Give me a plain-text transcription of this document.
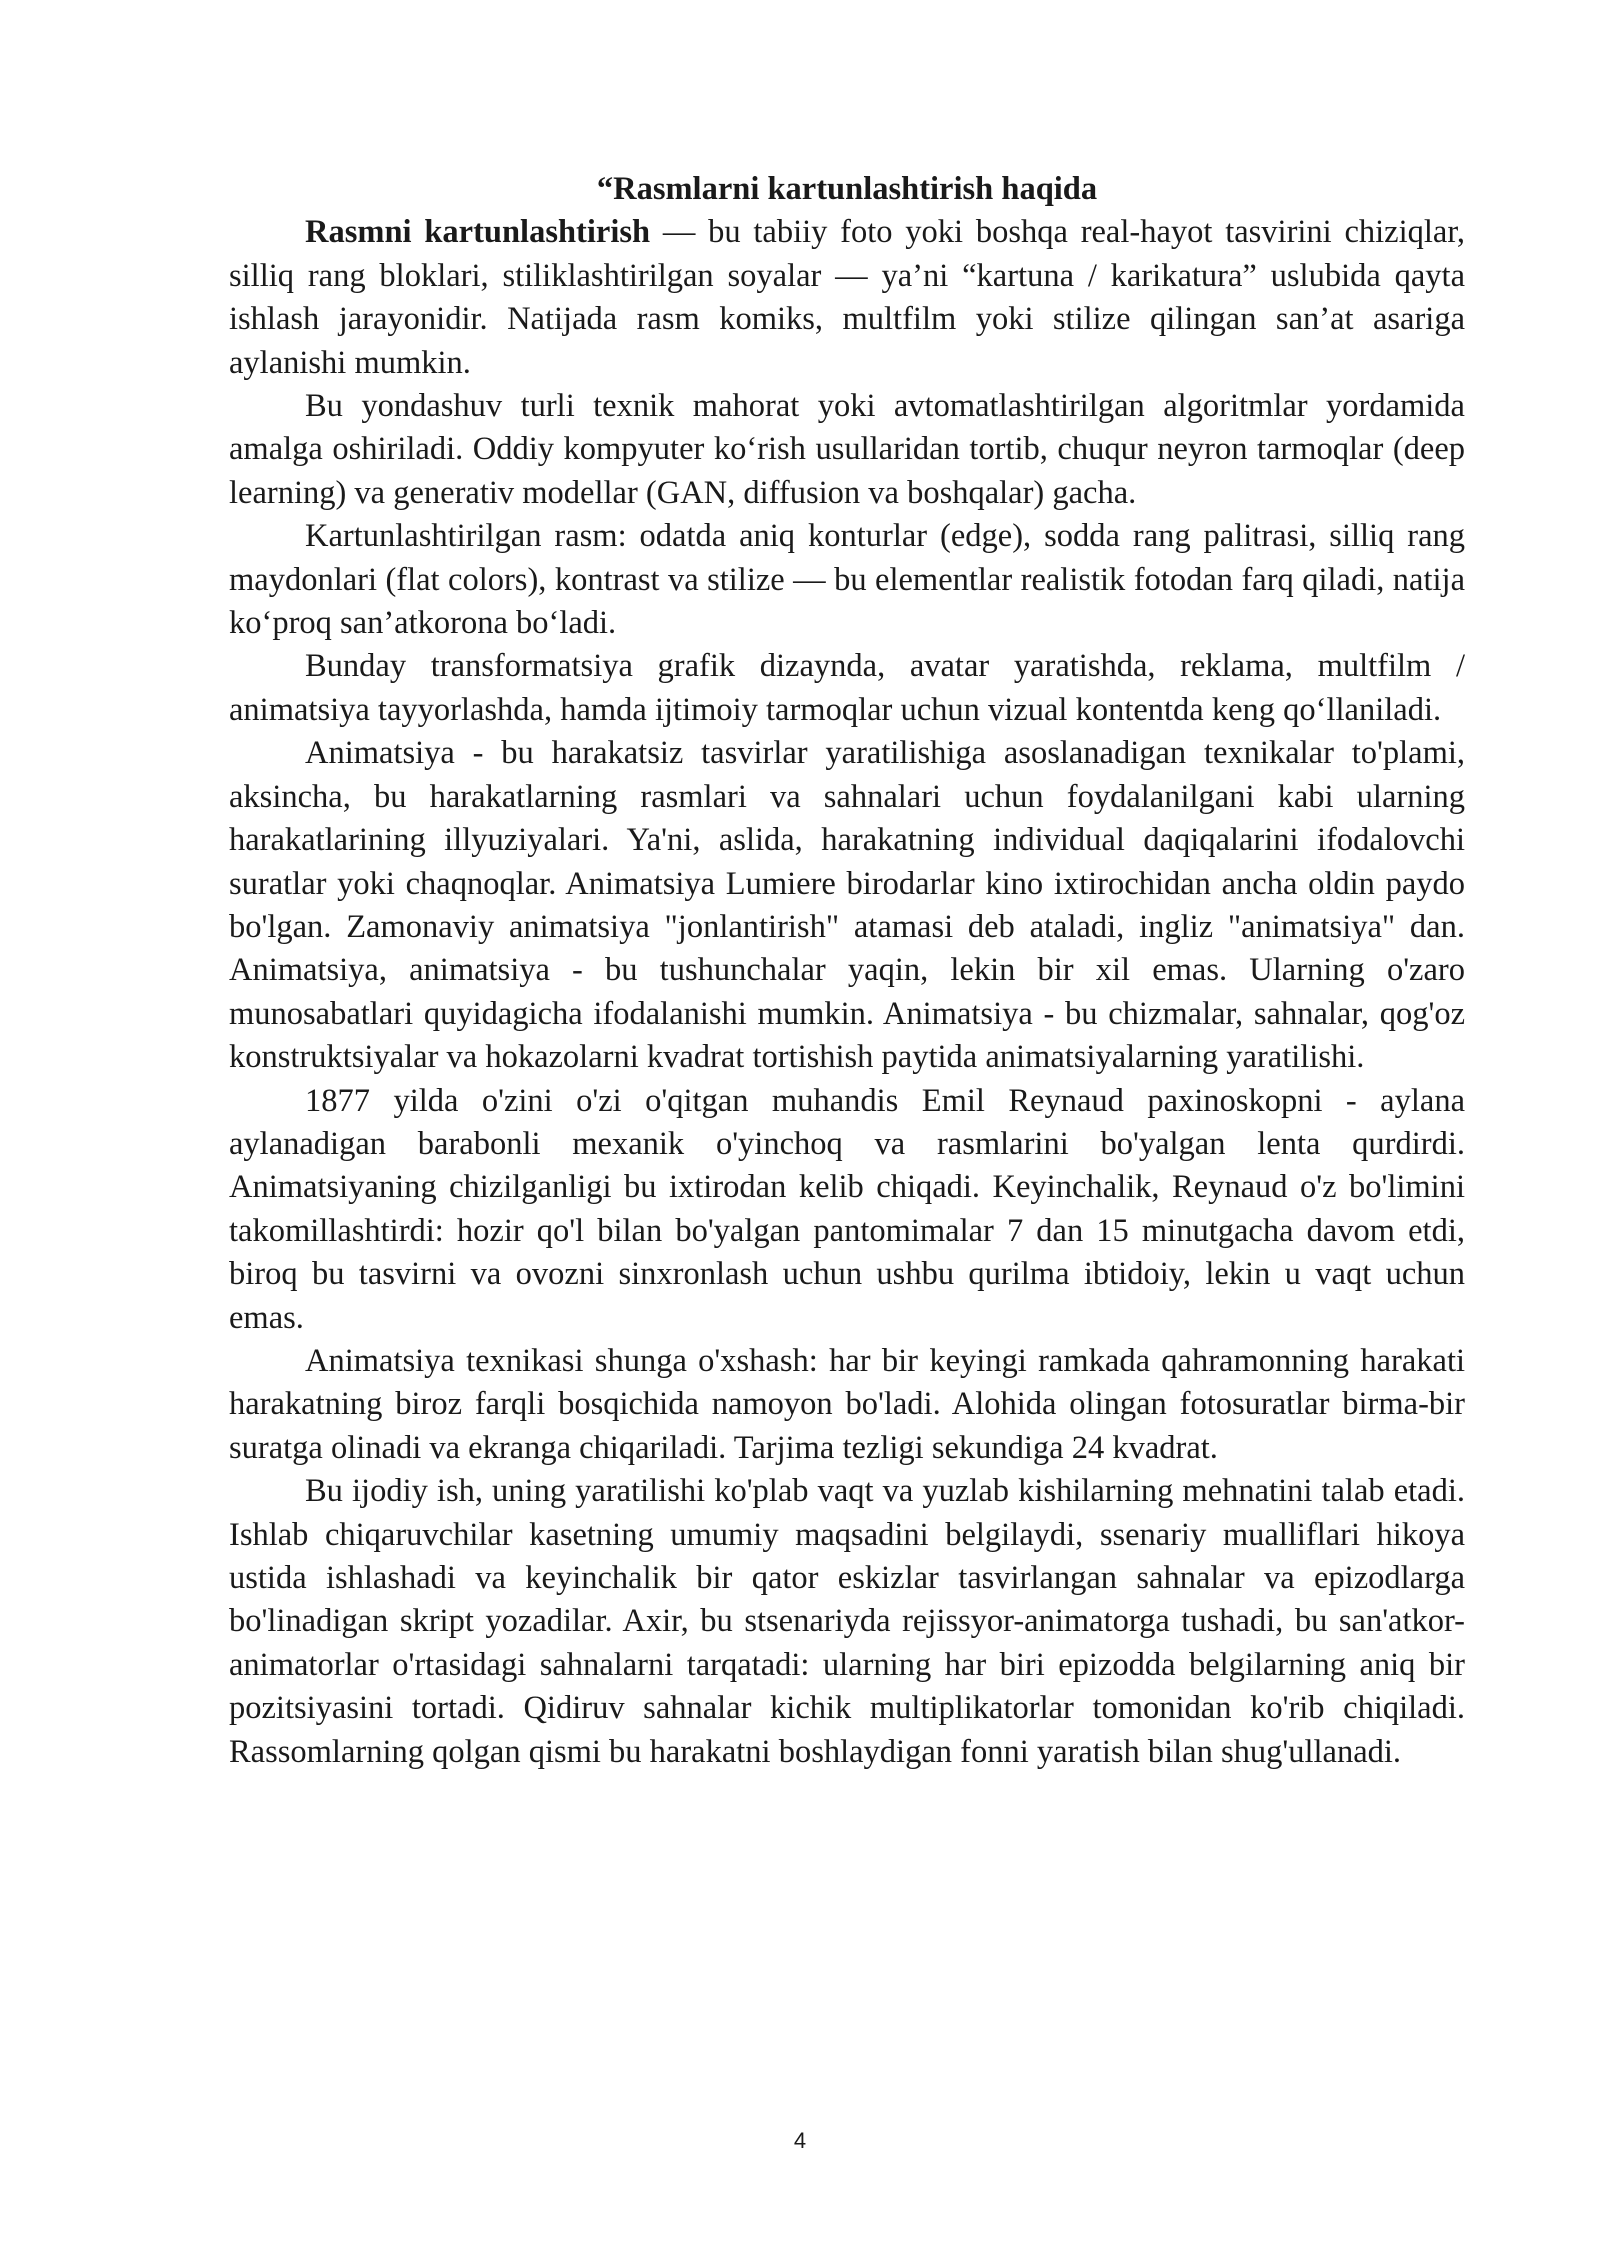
“Rasmlarni kartunlashtirish haqida

Rasmni kartunlashtirish — bu tabiiy foto yoki boshqa real-hayot tasvirini chiziqlar, silliq rang bloklari, stiliklashtirilgan soyalar — ya’ni “kartuna / karikatura” uslubida qayta ishlash jarayonidir. Natijada rasm komiks, multfilm yoki stilize qilingan san’at asariga aylanishi mumkin.

Bu yondashuv turli texnik mahorat yoki avtomatlashtirilgan algoritmlar yordamida amalga oshiriladi. Oddiy kompyuter ko‘rish usullaridan tortib, chuqur neyron tarmoqlar (deep learning) va generativ modellar (GAN, diffusion va boshqalar) gacha.

Kartunlashtirilgan rasm: odatda aniq konturlar (edge), sodda rang palitrasi, silliq rang maydonlari (flat colors), kontrast va stilize — bu elementlar realistik fotodan farq qiladi, natija ko‘proq san’atkorona bo‘ladi.

Bunday transformatsiya grafik dizaynda, avatar yaratishda, reklama, multfilm / animatsiya tayyorlashda, hamda ijtimoiy tarmoqlar uchun vizual kontentda keng qo‘llaniladi.

Animatsiya - bu harakatsiz tasvirlar yaratilishiga asoslanadigan texnikalar to'plami, aksincha, bu harakatlarning rasmlari va sahnalari uchun foydalanilgani kabi ularning harakatlarining illyuziyalari. Ya'ni, aslida, harakatning individual daqiqalarini ifodalovchi suratlar yoki chaqnoqlar. Animatsiya Lumiere birodarlar kino ixtirochidan ancha oldin paydo bo'lgan. Zamonaviy animatsiya "jonlantirish" atamasi deb ataladi, ingliz "animatsiya" dan. Animatsiya, animatsiya - bu tushunchalar yaqin, lekin bir xil emas. Ularning o'zaro munosabatlari quyidagicha ifodalanishi mumkin. Animatsiya - bu chizmalar, sahnalar, qog'oz konstruktsiyalar va hokazolarni kvadrat tortishish paytida animatsiyalarning yaratilishi.

1877 yilda o'zini o'zi o'qitgan muhandis Emil Reynaud paxinoskopni - aylana aylanadigan barabonli mexanik o'yinchoq va rasmlarini bo'yalgan lenta qurdirdi. Animatsiyaning chizilganligi bu ixtirodan kelib chiqadi. Keyinchalik, Reynaud o'z bo'limini takomillashtirdi: hozir qo'l bilan bo'yalgan pantomimalar 7 dan 15 minutgacha davom etdi, biroq bu tasvirni va ovozni sinxronlash uchun ushbu qurilma ibtidoiy, lekin u vaqt uchun emas.

Animatsiya texnikasi shunga o'xshash: har bir keyingi ramkada qahramonning harakati harakatning biroz farqli bosqichida namoyon bo'ladi. Alohida olingan fotosuratlar birma-bir suratga olinadi va ekranga chiqariladi. Tarjima tezligi sekundiga 24 kvadrat.

Bu ijodiy ish, uning yaratilishi ko'plab vaqt va yuzlab kishilarning mehnatini talab etadi. Ishlab chiqaruvchilar kasetning umumiy maqsadini belgilaydi, ssenariy mualliflari hikoya ustida ishlashadi va keyinchalik bir qator eskizlar tasvirlangan sahnalar va epizodlarga bo'linadigan skript yozadilar. Axir, bu stsenariyda rejissyor-animatorga tushadi, bu san'atkor-animatorlar o'rtasidagi sahnalarni tarqatadi: ularning har biri epizodda belgilarning aniq bir pozitsiyasini tortadi. Qidiruv sahnalar kichik multiplikatorlar tomonidan ko'rib chiqiladi. Rassomlarning qolgan qismi bu harakatni boshlaydigan fonni yaratish bilan shug'ullanadi.

4
